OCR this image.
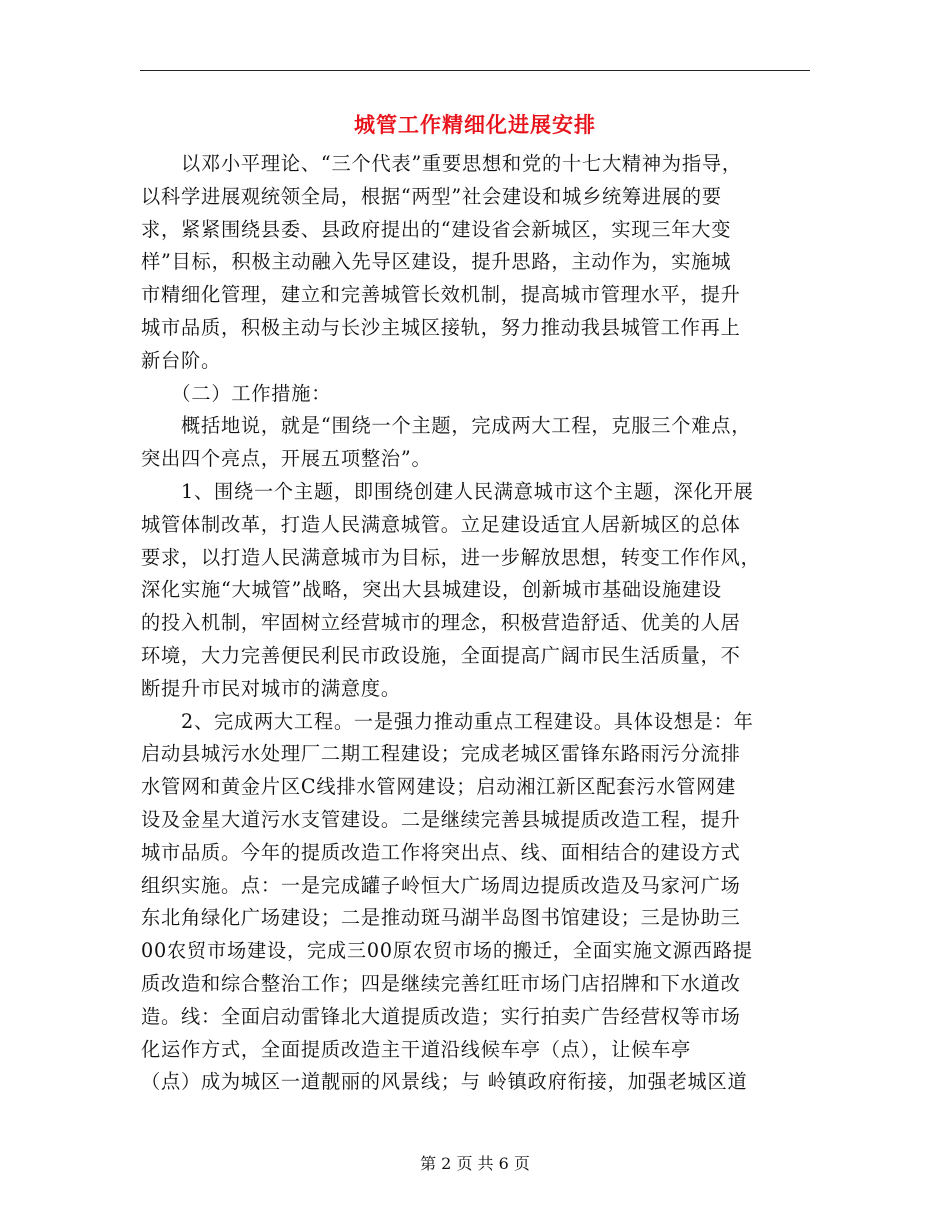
城管工作精细化进展安排
　　以邓小平理论、“三个代表”重要思想和党的十七大精神为指导，
以科学进展观统领全局，根据“两型”社会建设和城乡统筹进展的要
求，紧紧围绕县委、县政府提出的“建设省会新城区，实现三年大变
样”目标，积极主动融入先导区建设，提升思路，主动作为，实施城
市精细化管理，建立和完善城管长效机制，提高城市管理水平，提升
城市品质，积极主动与长沙主城区接轨，努力推动我县城管工作再上
新台阶。
　　（二）工作措施：
　　概括地说，就是“围绕一个主题，完成两大工程，克服三个难点，
突出四个亮点，开展五项整治”。
　　1、围绕一个主题，即围绕创建人民满意城市这个主题，深化开展
城管体制改革，打造人民满意城管。立足建设适宜人居新城区的总体
要求，以打造人民满意城市为目标，进一步解放思想，转变工作作风，
深化实施“大城管”战略，突出大县城建设，创新城市基础设施建设
的投入机制，牢固树立经营城市的理念，积极营造舒适、优美的人居
环境，大力完善便民利民市政设施，全面提高广阔市民生活质量，不
断提升市民对城市的满意度。
　　2、完成两大工程。一是强力推动重点工程建设。具体设想是：年
启动县城污水处理厂二期工程建设；完成老城区雷锋东路雨污分流排
水管网和黄金片区C线排水管网建设；启动湘江新区配套污水管网建
设及金星大道污水支管建设。二是继续完善县城提质改造工程，提升
城市品质。今年的提质改造工作将突出点、线、面相结合的建设方式
组织实施。点：一是完成罐子岭恒大广场周边提质改造及马家河广场
东北角绿化广场建设；二是推动斑马湖半岛图书馆建设；三是协助三
00农贸市场建设，完成三00原农贸市场的搬迁，全面实施文源西路提
质改造和综合整治工作；四是继续完善红旺市场门店招牌和下水道改
造。线：全面启动雷锋北大道提质改造；实行拍卖广告经营权等市场
化运作方式，全面提质改造主干道沿线候车亭（点），让候车亭
（点）成为城区一道靓丽的风景线；与 岭镇政府衔接，加强老城区道
第 2 页 共 6 页
